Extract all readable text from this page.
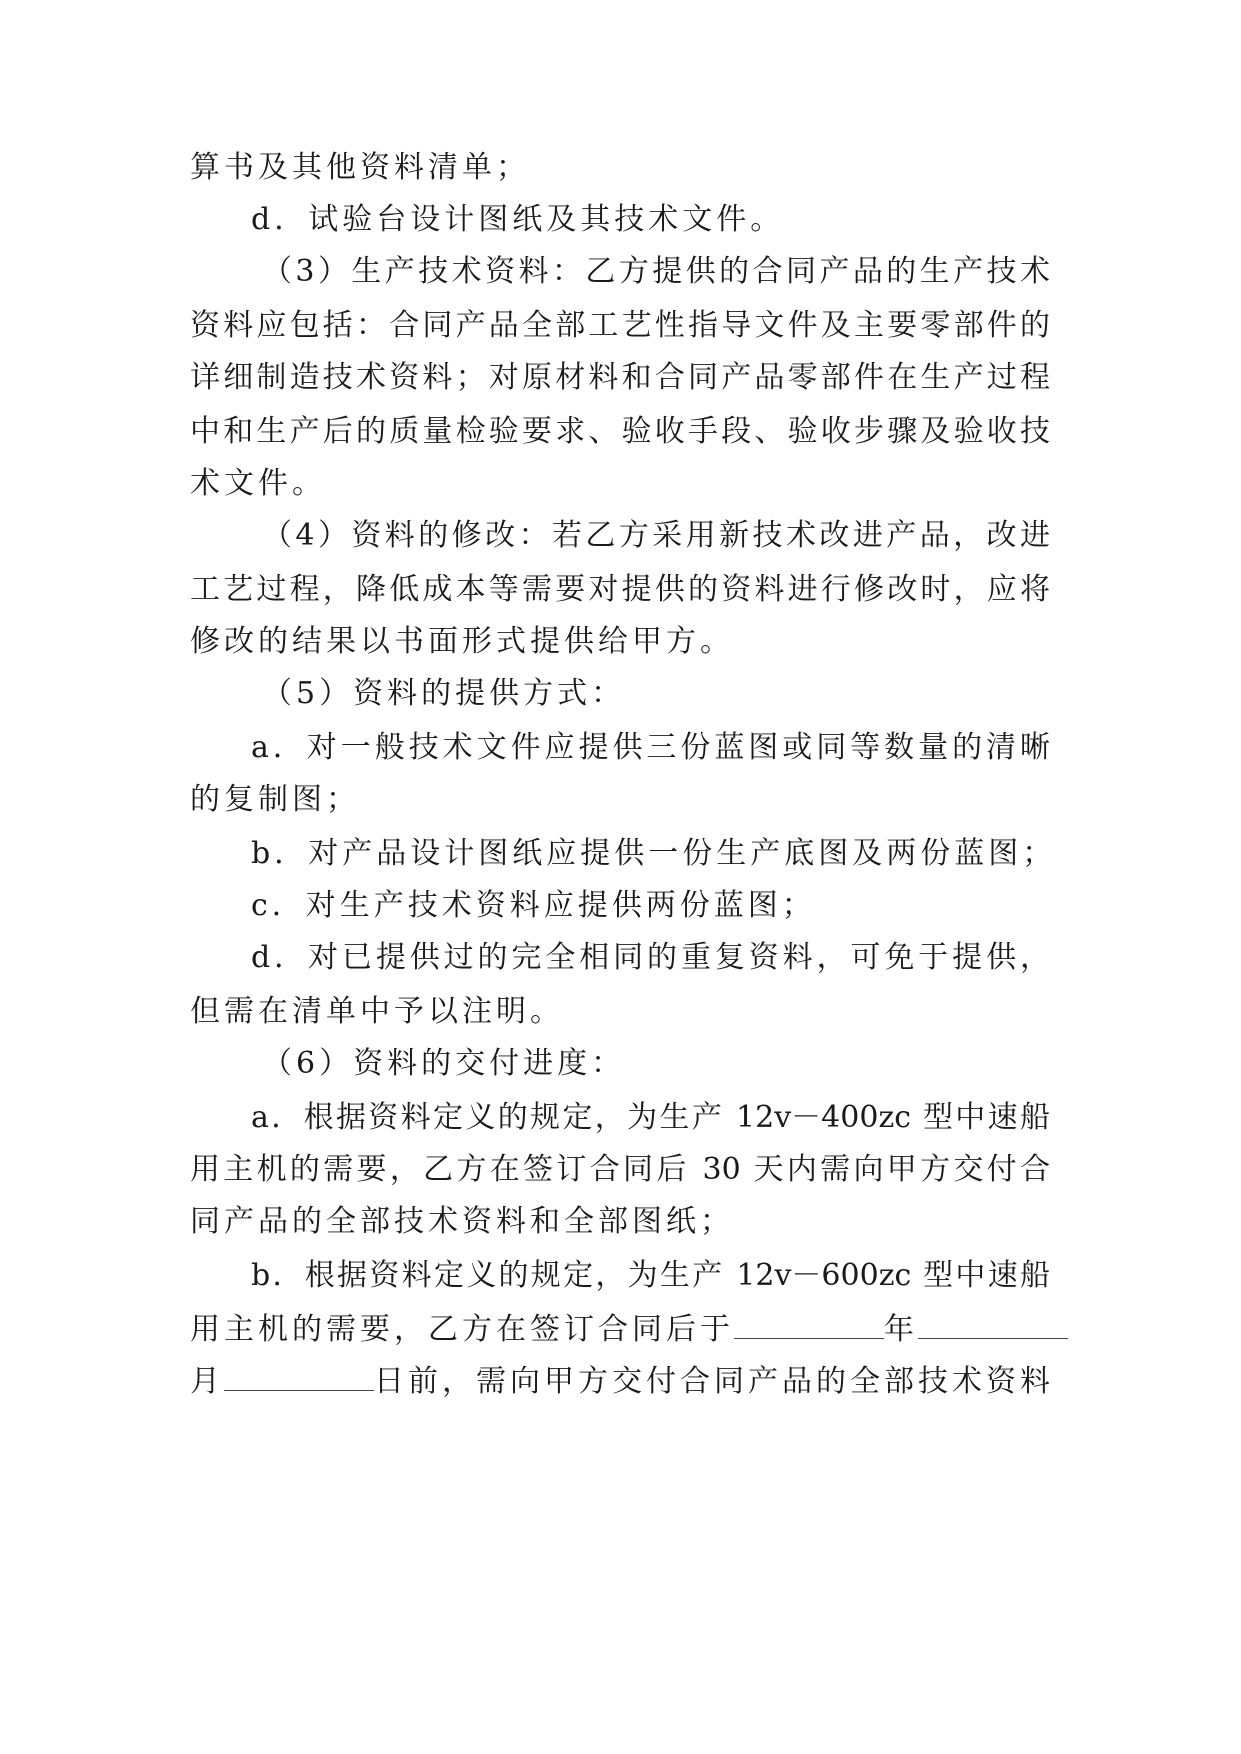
算书及其他资料清单；
d．试验台设计图纸及其技术文件。
（3）生产技术资料：乙方提供的合同产品的生产技术
资料应包括：合同产品全部工艺性指导文件及主要零部件的
详细制造技术资料；对原材料和合同产品零部件在生产过程
中和生产后的质量检验要求、验收手段、验收步骤及验收技
术文件。
（4）资料的修改：若乙方采用新技术改进产品，改进
工艺过程，降低成本等需要对提供的资料进行修改时，应将
修改的结果以书面形式提供给甲方。
（5）资料的提供方式：
a．对一般技术文件应提供三份蓝图或同等数量的清晰
的复制图；
b．对产品设计图纸应提供一份生产底图及两份蓝图；
c．对生产技术资料应提供两份蓝图；
d．对已提供过的完全相同的重复资料，可免于提供，
但需在清单中予以注明。
（6）资料的交付进度：
a．根据资料定义的规定，为生产 12v－400zc 型中速船
用主机的需要，乙方在签订合同后 30 天内需向甲方交付合
同产品的全部技术资料和全部图纸；
b．根据资料定义的规定，为生产 12v－600zc 型中速船
用主机的需要，乙方在签订合同后于	年
月	日前，需向甲方交付合同产品的全部技术资料
